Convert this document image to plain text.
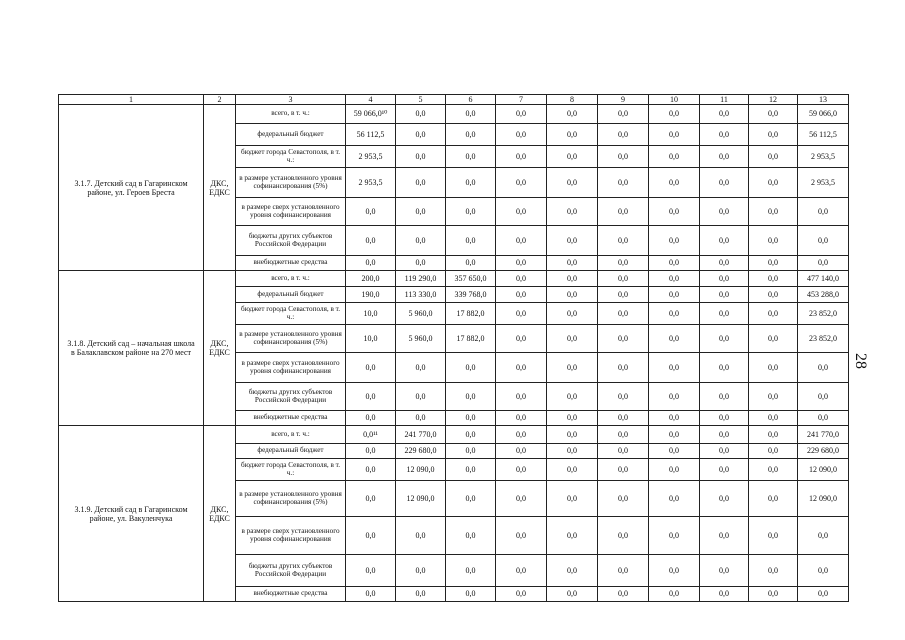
1	2	3	4	5	6	7	8	9	10	11	12	13
3.1.7. Детский сад в Гагаринском районе, ул. Героев Бреста	ДКС, ЕДКС	всего, в т. ч.:	59 066,0¹⁰	0,0	0,0	0,0	0,0	0,0	0,0	0,0	0,0	59 066,0
		федеральный бюджет	56 112,5	0,0	0,0	0,0	0,0	0,0	0,0	0,0	0,0	56 112,5
		бюджет города Севастополя, в т. ч.:	2 953,5	0,0	0,0	0,0	0,0	0,0	0,0	0,0	0,0	2 953,5
		в размере установленного уровня софинансирования (5%)	2 953,5	0,0	0,0	0,0	0,0	0,0	0,0	0,0	0,0	2 953,5
		в размере сверх установленного уровня софинансирования	0,0	0,0	0,0	0,0	0,0	0,0	0,0	0,0	0,0	0,0
		бюджеты других субъектов Российской Федерации	0,0	0,0	0,0	0,0	0,0	0,0	0,0	0,0	0,0	0,0
		внебюджетные средства	0,0	0,0	0,0	0,0	0,0	0,0	0,0	0,0	0,0	0,0
3.1.8. Детский сад – начальная школа в Балаклавском районе на 270 мест	ДКС, ЕДКС	всего, в т. ч.:	200,0	119 290,0	357 650,0	0,0	0,0	0,0	0,0	0,0	0,0	477 140,0
		федеральный бюджет	190,0	113 330,0	339 768,0	0,0	0,0	0,0	0,0	0,0	0,0	453 288,0
		бюджет города Севастополя, в т. ч.:	10,0	5 960,0	17 882,0	0,0	0,0	0,0	0,0	0,0	0,0	23 852,0
		в размере установленного уровня софинансирования (5%)	10,0	5 960,0	17 882,0	0,0	0,0	0,0	0,0	0,0	0,0	23 852,0
		в размере сверх установленного уровня софинансирования	0,0	0,0	0,0	0,0	0,0	0,0	0,0	0,0	0,0	0,0
		бюджеты других субъектов Российской Федерации	0,0	0,0	0,0	0,0	0,0	0,0	0,0	0,0	0,0	0,0
		внебюджетные средства	0,0	0,0	0,0	0,0	0,0	0,0	0,0	0,0	0,0	0,0
3.1.9. Детский сад в Гагаринском районе, ул. Вакуленчука	ДКС, ЕДКС	всего, в т. ч.:	0,0¹¹	241 770,0	0,0	0,0	0,0	0,0	0,0	0,0	0,0	241 770,0
		федеральный бюджет	0,0	229 680,0	0,0	0,0	0,0	0,0	0,0	0,0	0,0	229 680,0
		бюджет города Севастополя, в т. ч.:	0,0	12 090,0	0,0	0,0	0,0	0,0	0,0	0,0	0,0	12 090,0
		в размере установленного уровня софинансирования (5%)	0,0	12 090,0	0,0	0,0	0,0	0,0	0,0	0,0	0,0	12 090,0
		в размере сверх установленного уровня софинансирования	0,0	0,0	0,0	0,0	0,0	0,0	0,0	0,0	0,0	0,0
		бюджеты других субъектов Российской Федерации	0,0	0,0	0,0	0,0	0,0	0,0	0,0	0,0	0,0	0,0
		внебюджетные средства	0,0	0,0	0,0	0,0	0,0	0,0	0,0	0,0	0,0	0,0
28
